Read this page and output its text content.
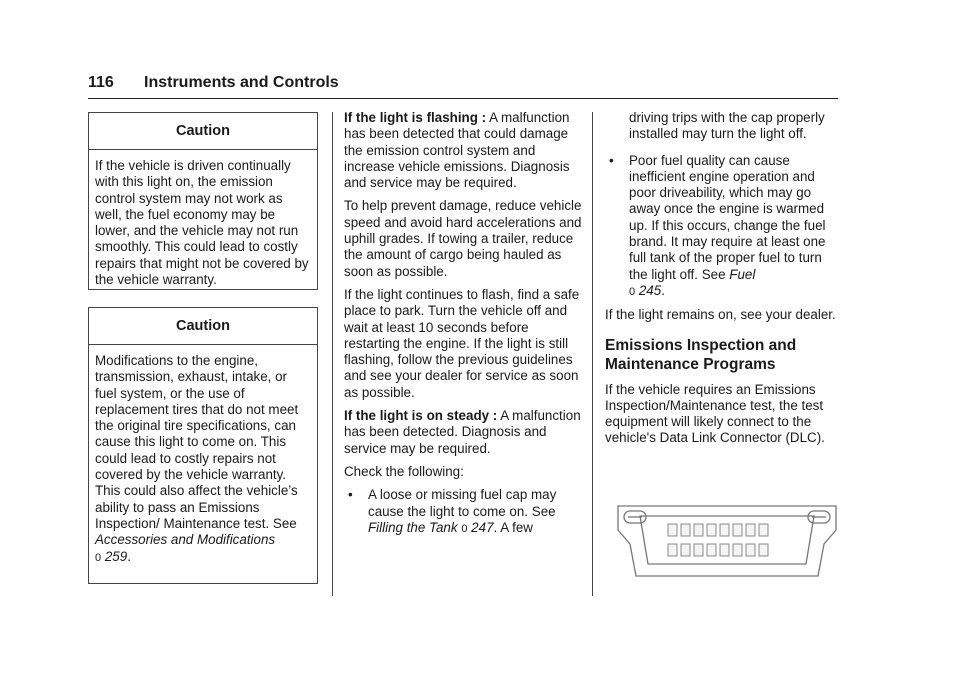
116 Instruments and Controls
Caution
If the vehicle is driven continually with this light on, the emission control system may not work as well, the fuel economy may be lower, and the vehicle may not run smoothly. This could lead to costly repairs that might not be covered by the vehicle warranty.
Caution
Modifications to the engine, transmission, exhaust, intake, or fuel system, or the use of replacement tires that do not meet the original tire specifications, can cause this light to come on. This could lead to costly repairs not covered by the vehicle warranty. This could also affect the vehicle’s ability to pass an Emissions Inspection/ Maintenance test. See Accessories and Modifications
0 259.

If the light is flashing : A malfunction has been detected that could damage the emission control system and increase vehicle emissions. Diagnosis and service may be required.

To help prevent damage, reduce vehicle speed and avoid hard accelerations and uphill grades. If towing a trailer, reduce the amount of cargo being hauled as soon as possible.

If the light continues to flash, find a safe place to park. Turn the vehicle off and wait at least 10 seconds before restarting the engine. If the light is still flashing, follow the previous guidelines and see your dealer for service as soon as possible.

If the light is on steady : A malfunction has been detected. Diagnosis and service may be required.

Check the following:

• A loose or missing fuel cap may cause the light to come on. See Filling the Tank 0 247. A few
driving trips with the cap properly installed may turn the light off.
• Poor fuel quality can cause inefficient engine operation and poor driveability, which may go away once the engine is warmed up. If this occurs, change the fuel brand. It may require at least one full tank of the proper fuel to turn the light off. See Fuel
0 245.

If the light remains on, see your dealer.

Emissions Inspection and Maintenance Programs

If the vehicle requires an Emissions Inspection/Maintenance test, the test equipment will likely connect to the vehicle's Data Link Connector (DLC).
